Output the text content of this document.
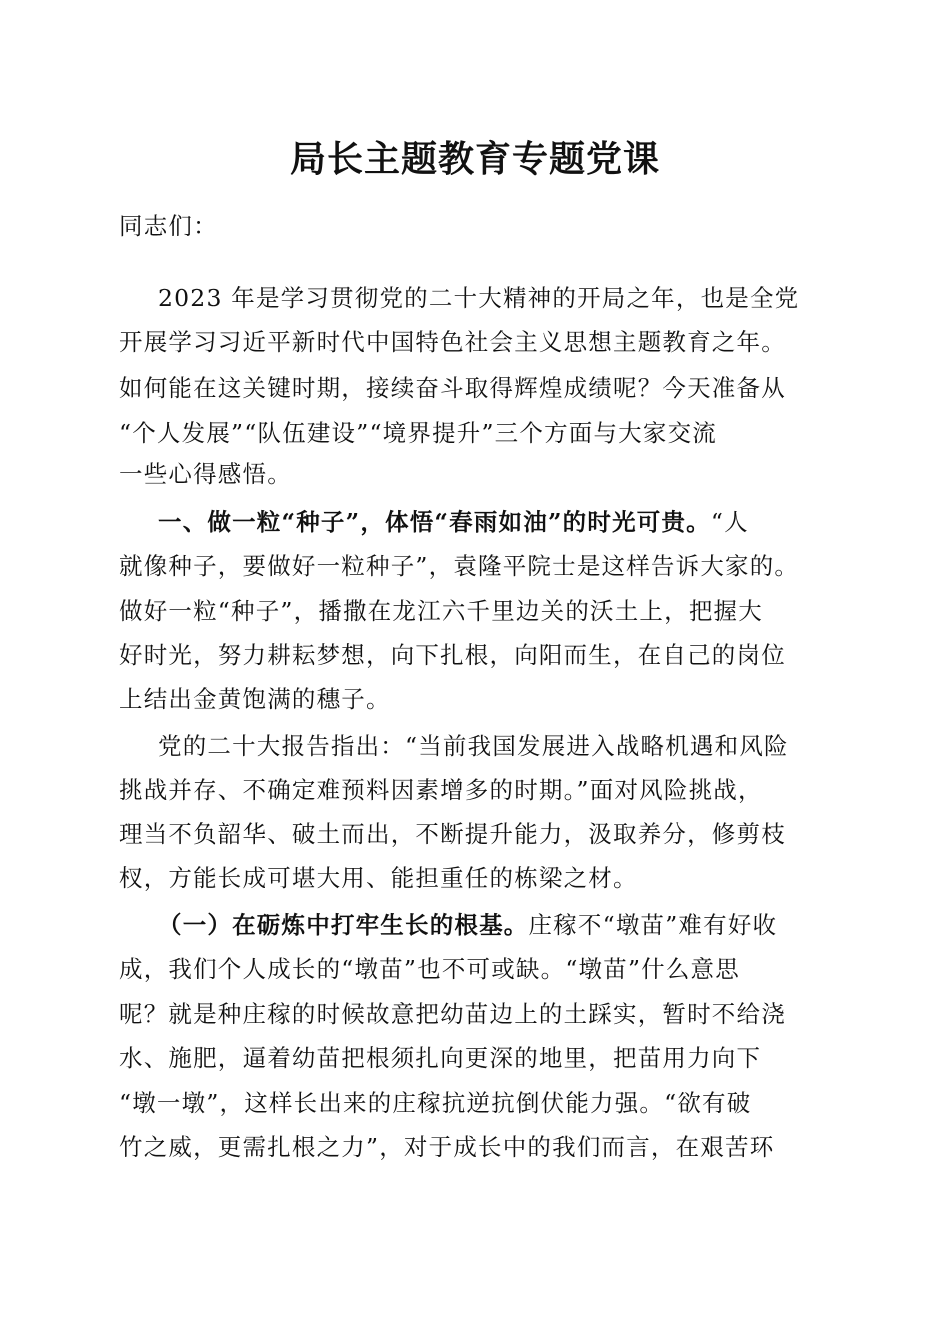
局长主题教育专题党课
同志们：
2023 年是学习贯彻党的二十大精神的开局之年，也是全党
开展学习习近平新时代中国特色社会主义思想主题教育之年。
如何能在这关键时期，接续奋斗取得辉煌成绩呢？今天准备从
“个人发展”“队伍建设”“境界提升”三个方面与大家交流
一些心得感悟。
一、做一粒“种子”，体悟“春雨如油”的时光可贵。“人
就像种子，要做好一粒种子”，袁隆平院士是这样告诉大家的。
做好一粒“种子”，播撒在龙江六千里边关的沃土上，把握大
好时光，努力耕耘梦想，向下扎根，向阳而生，在自己的岗位
上结出金黄饱满的穗子。
党的二十大报告指出：“当前我国发展进入战略机遇和风险
挑战并存、不确定难预料因素增多的时期。”面对风险挑战，
理当不负韶华、破土而出，不断提升能力，汲取养分，修剪枝
杈，方能长成可堪大用、能担重任的栋梁之材。
（一）在砺炼中打牢生长的根基。庄稼不“墩苗”难有好收
成，我们个人成长的“墩苗”也不可或缺。“墩苗”什么意思
呢？就是种庄稼的时候故意把幼苗边上的土踩实，暂时不给浇
水、施肥，逼着幼苗把根须扎向更深的地里，把苗用力向下
“墩一墩”，这样长出来的庄稼抗逆抗倒伏能力强。“欲有破
竹之威，更需扎根之力”，对于成长中的我们而言，在艰苦环
